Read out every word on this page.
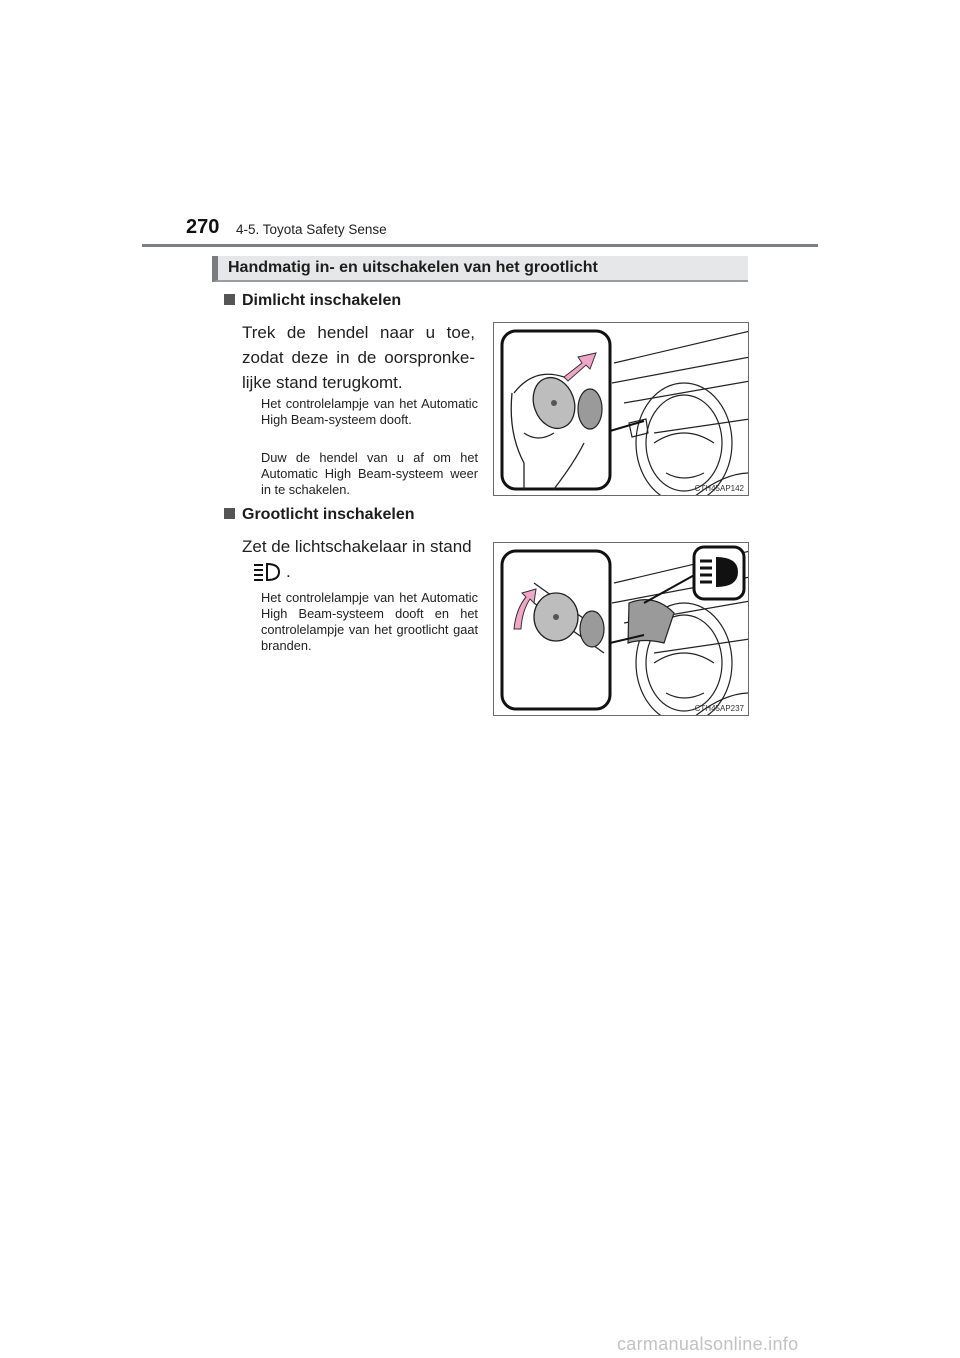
270 4-5. Toyota Safety Sense
Handmatig in- en uitschakelen van het grootlicht
Dimlicht inschakelen
Trek de hendel naar u toe, zodat deze in de oorspronke-lijke stand terugkomt.
Het controlelampje van het Automatic High Beam-systeem dooft.
Duw de hendel van u af om het Automatic High Beam-systeem weer in te schakelen.	CTH45AP142
Grootlicht inschakelen
Zet de lichtschakelaar in stand
.
Het controlelampje van het Automatic High Beam-systeem dooft en het controlelampje van het grootlicht gaat branden.
CTH45AP237
carmanualsonline.info
